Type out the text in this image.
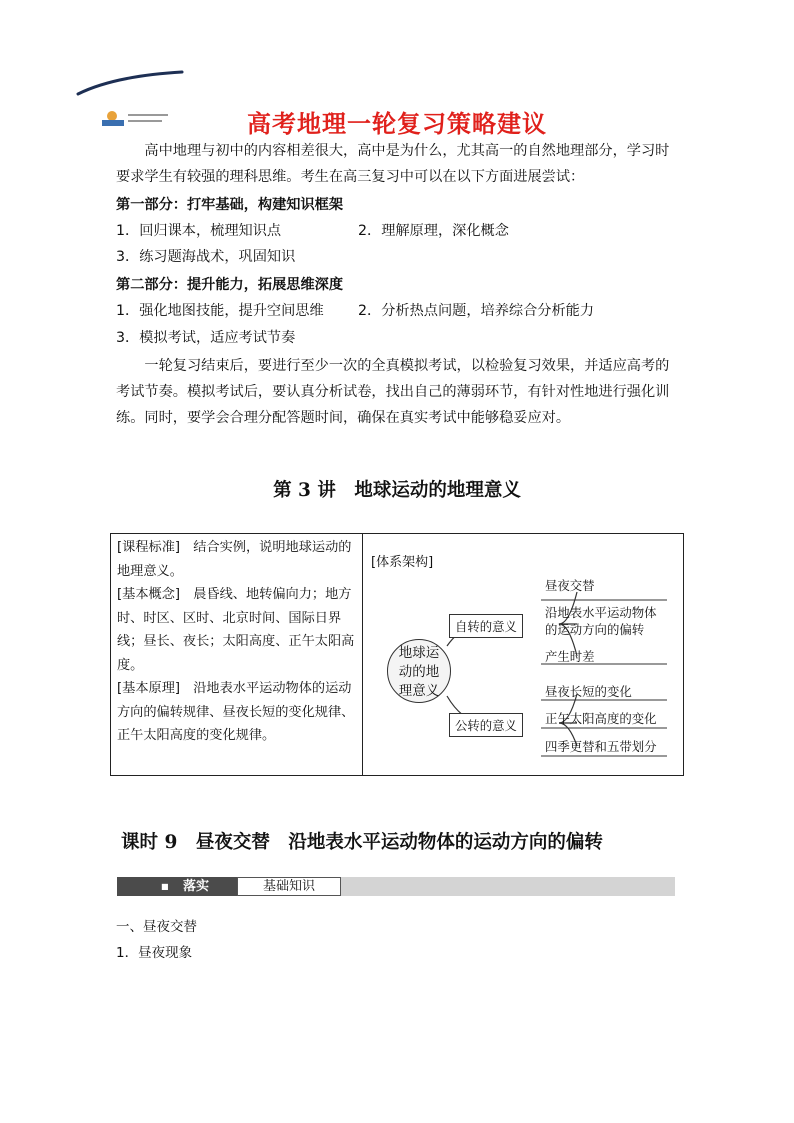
高考地理一轮复习策略建议
高中地理与初中的内容相差很大，高中是为什么，尤其高一的自然地理部分，学习时要求学生有较强的理科思维。考生在高三复习中可以在以下方面进展尝试：
第一部分：打牢基础，构建知识框架
1．回归课本，梳理知识点	2．理解原理，深化概念
3．练习题海战术，巩固知识
第二部分：提升能力，拓展思维深度
1．强化地图技能，提升空间思维 2．分析热点问题，培养综合分析能力
3．模拟考试，适应考试节奏
一轮复习结束后，要进行至少一次的全真模拟考试，以检验复习效果，并适应高考的考试节奏。模拟考试后，要认真分析试卷，找出自己的薄弱环节，有针对性地进行强化训练。同时，要学会合理分配答题时间，确保在真实考试中能够稳妥应对。
第 3 讲　地球运动的地理意义
[课程标准]　结合实例，说明地球运动的地理意义。
[基本概念]　晨昏线、地转偏向力；地方时、时区、区时、北京时间、国际日界线；昼长、夜长；太阳高度、正午太阳高度。
[基本原理]　沿地表水平运动物体的运动方向的偏转规律、昼夜长短的变化规律、正午太阳高度的变化规律。
[体系架构]
地球运
动的地
理意义
自转的意义
公转的意义
昼夜交替
沿地表水平运动物体
的运动方向的偏转
产生时差
昼夜长短的变化
正午太阳高度的变化
四季更替和五带划分
课时 9　昼夜交替　沿地表水平运动物体的运动方向的偏转
■ 落实	基础知识
一、昼夜交替
1．昼夜现象
